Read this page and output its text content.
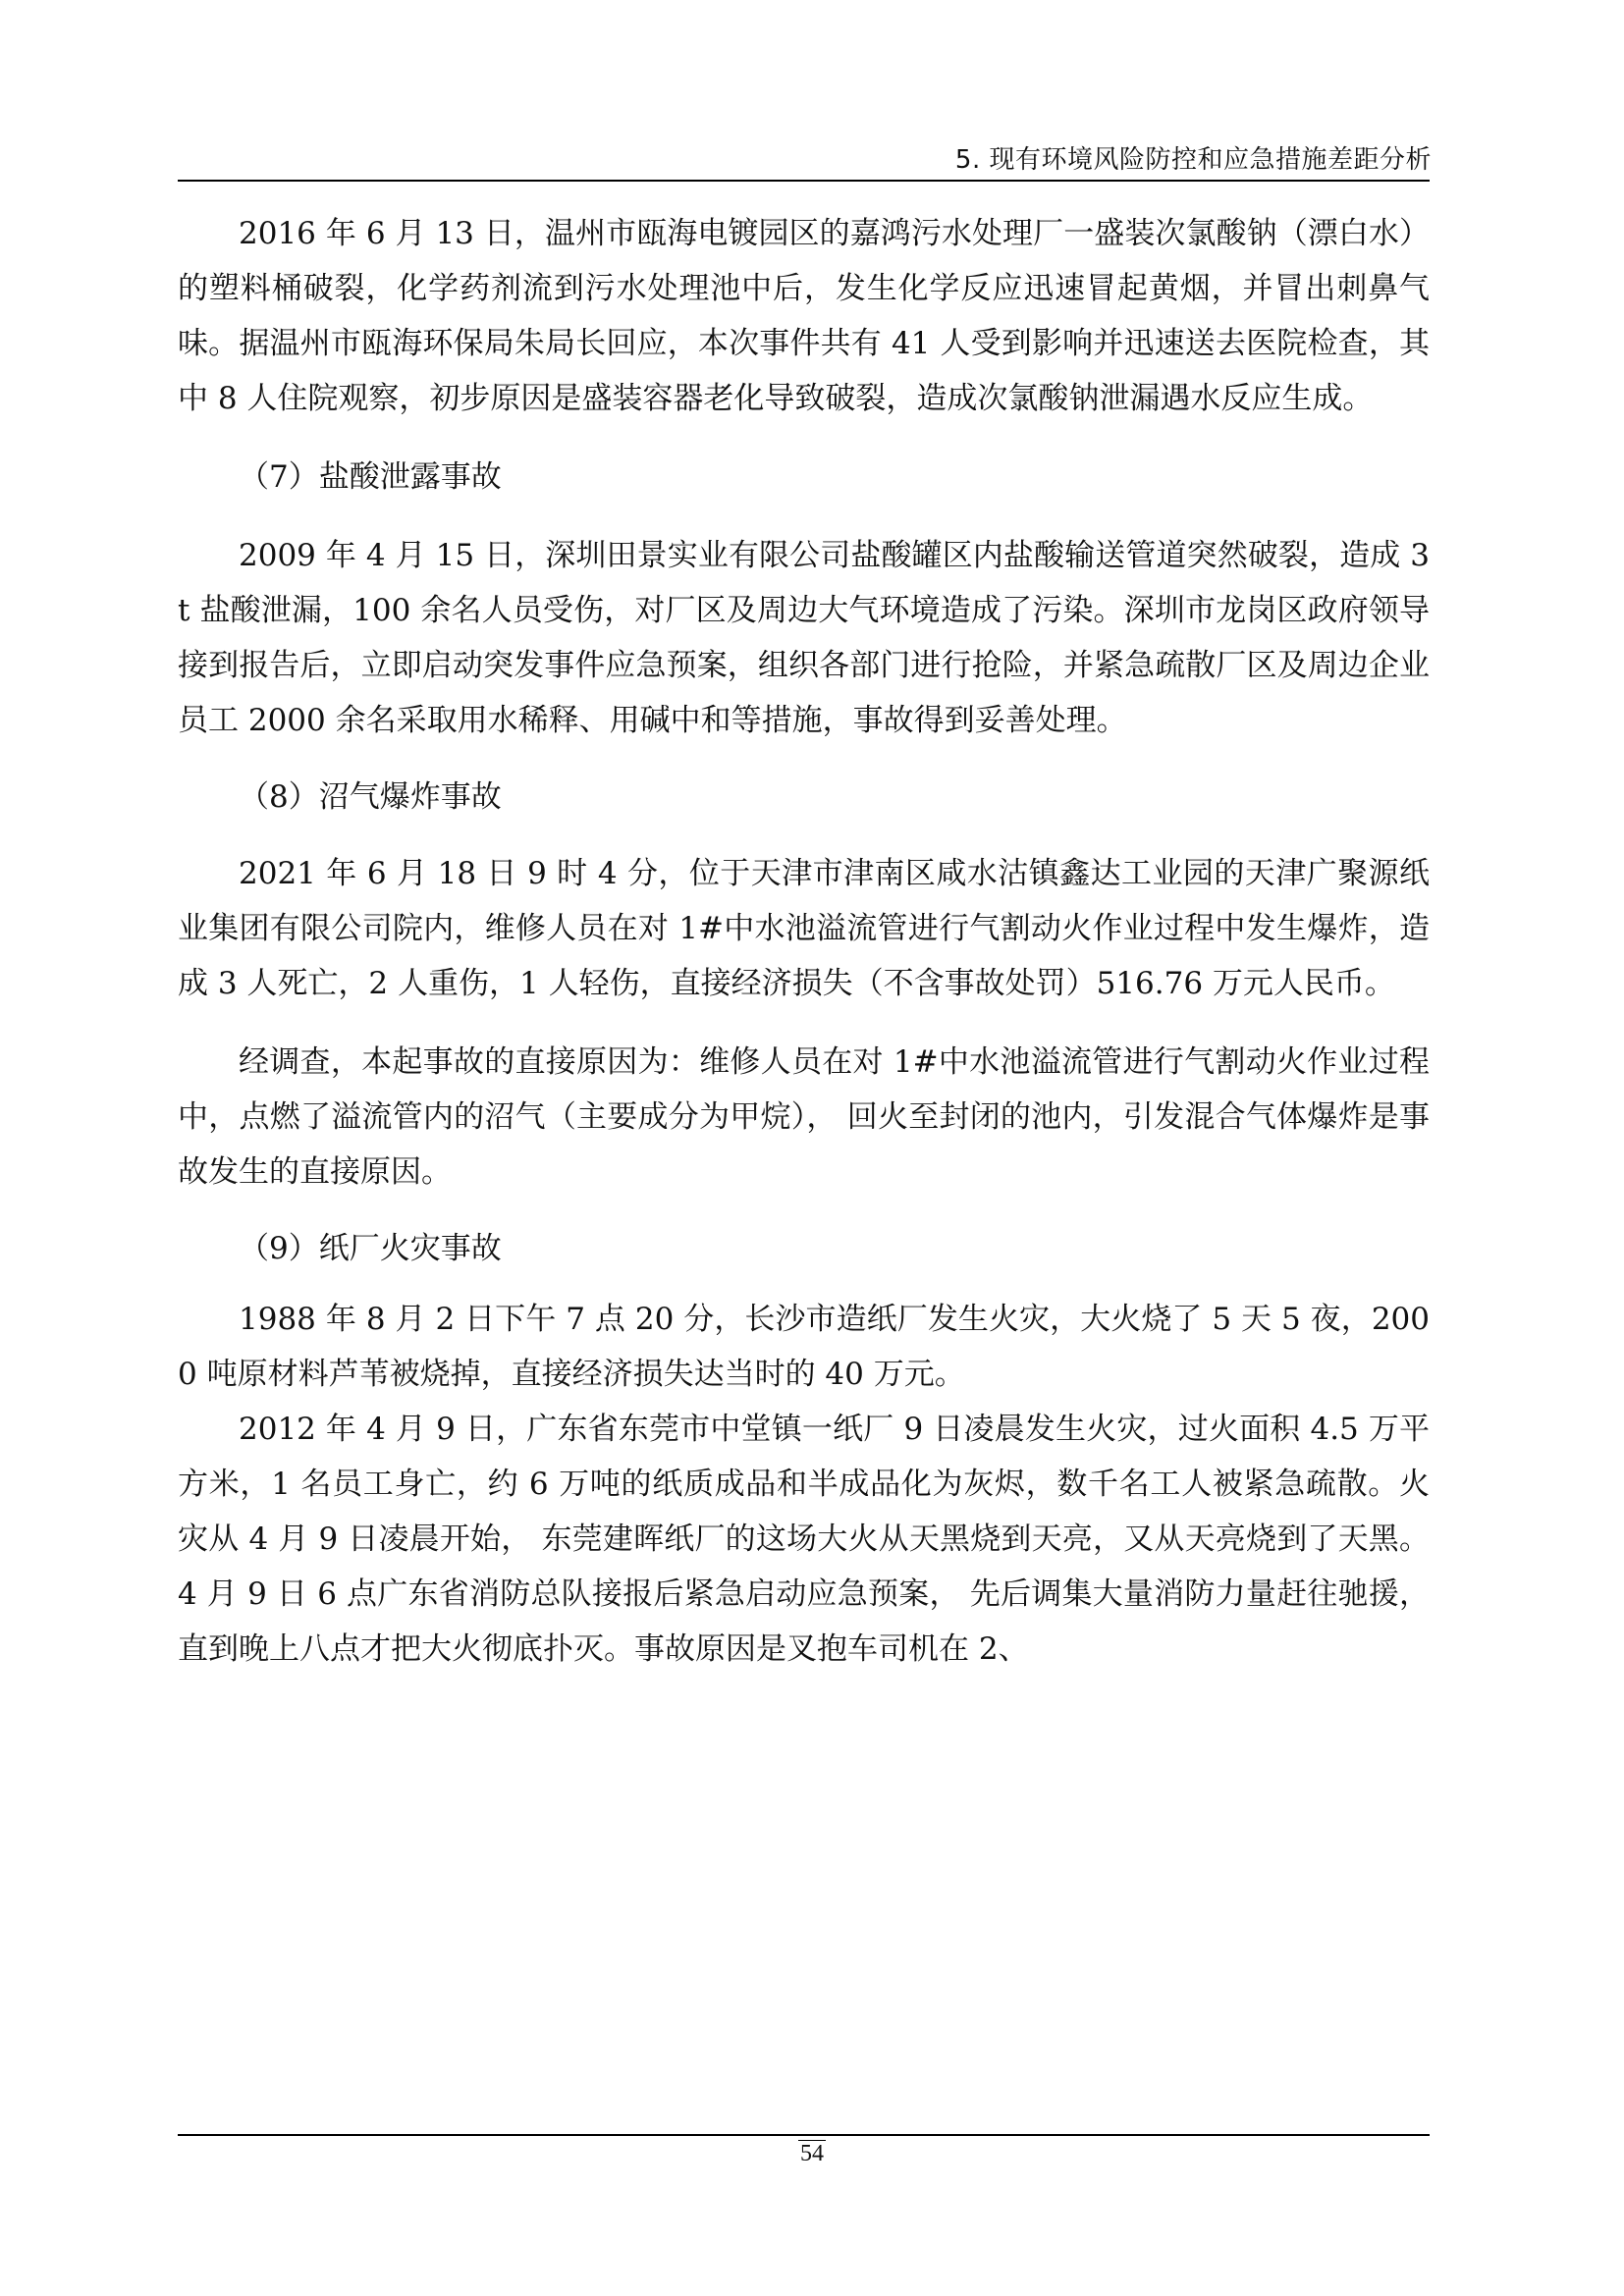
5. 现有环境风险防控和应急措施差距分析

2016 年 6 月 13 日，温州市瓯海电镀园区的嘉鸿污水处理厂一盛装次氯酸钠（漂白水）的塑料桶破裂，化学药剂流到污水处理池中后，发生化学反应迅速冒起黄烟，并冒出刺鼻气味。据温州市瓯海环保局朱局长回应，本次事件共有 41 人受到影响并迅速送去医院检查，其中 8 人住院观察，初步原因是盛装容器老化导致破裂，造成次氯酸钠泄漏遇水反应生成。

（7）盐酸泄露事故

2009 年 4 月 15 日，深圳田景实业有限公司盐酸罐区内盐酸输送管道突然破裂，造成 3t 盐酸泄漏，100 余名人员受伤，对厂区及周边大气环境造成了污染。深圳市龙岗区政府领导接到报告后，立即启动突发事件应急预案，组织各部门进行抢险，并紧急疏散厂区及周边企业员工 2000 余名采取用水稀释、用碱中和等措施，事故得到妥善处理。

（8）沼气爆炸事故

2021 年 6 月 18 日 9 时 4 分，位于天津市津南区咸水沽镇鑫达工业园的天津广聚源纸业集团有限公司院内，维修人员在对 1#中水池溢流管进行气割动火作业过程中发生爆炸，造成 3 人死亡，2 人重伤，1 人轻伤，直接经济损失（不含事故处罚）516.76 万元人民币。

经调查，本起事故的直接原因为：维修人员在对 1#中水池溢流管进行气割动火作业过程中，点燃了溢流管内的沼气（主要成分为甲烷）， 回火至封闭的池内，引发混合气体爆炸是事故发生的直接原因。

（9）纸厂火灾事故

1988 年 8 月 2 日下午 7 点 20 分，长沙市造纸厂发生火灾，大火烧了 5 天 5 夜，2000 吨原材料芦苇被烧掉，直接经济损失达当时的 40 万元。

2012 年 4 月 9 日，广东省东莞市中堂镇一纸厂 9 日凌晨发生火灾，过火面积 4.5 万平方米，1 名员工身亡，约 6 万吨的纸质成品和半成品化为灰烬，数千名工人被紧急疏散。火灾从 4 月 9 日凌晨开始， 东莞建晖纸厂的这场大火从天黑烧到天亮，又从天亮烧到了天黑。 4 月 9 日 6 点广东省消防总队接报后紧急启动应急预案， 先后调集大量消防力量赶往驰援，直到晚上八点才把大火彻底扑灭。事故原因是叉抱车司机在 2、

54
